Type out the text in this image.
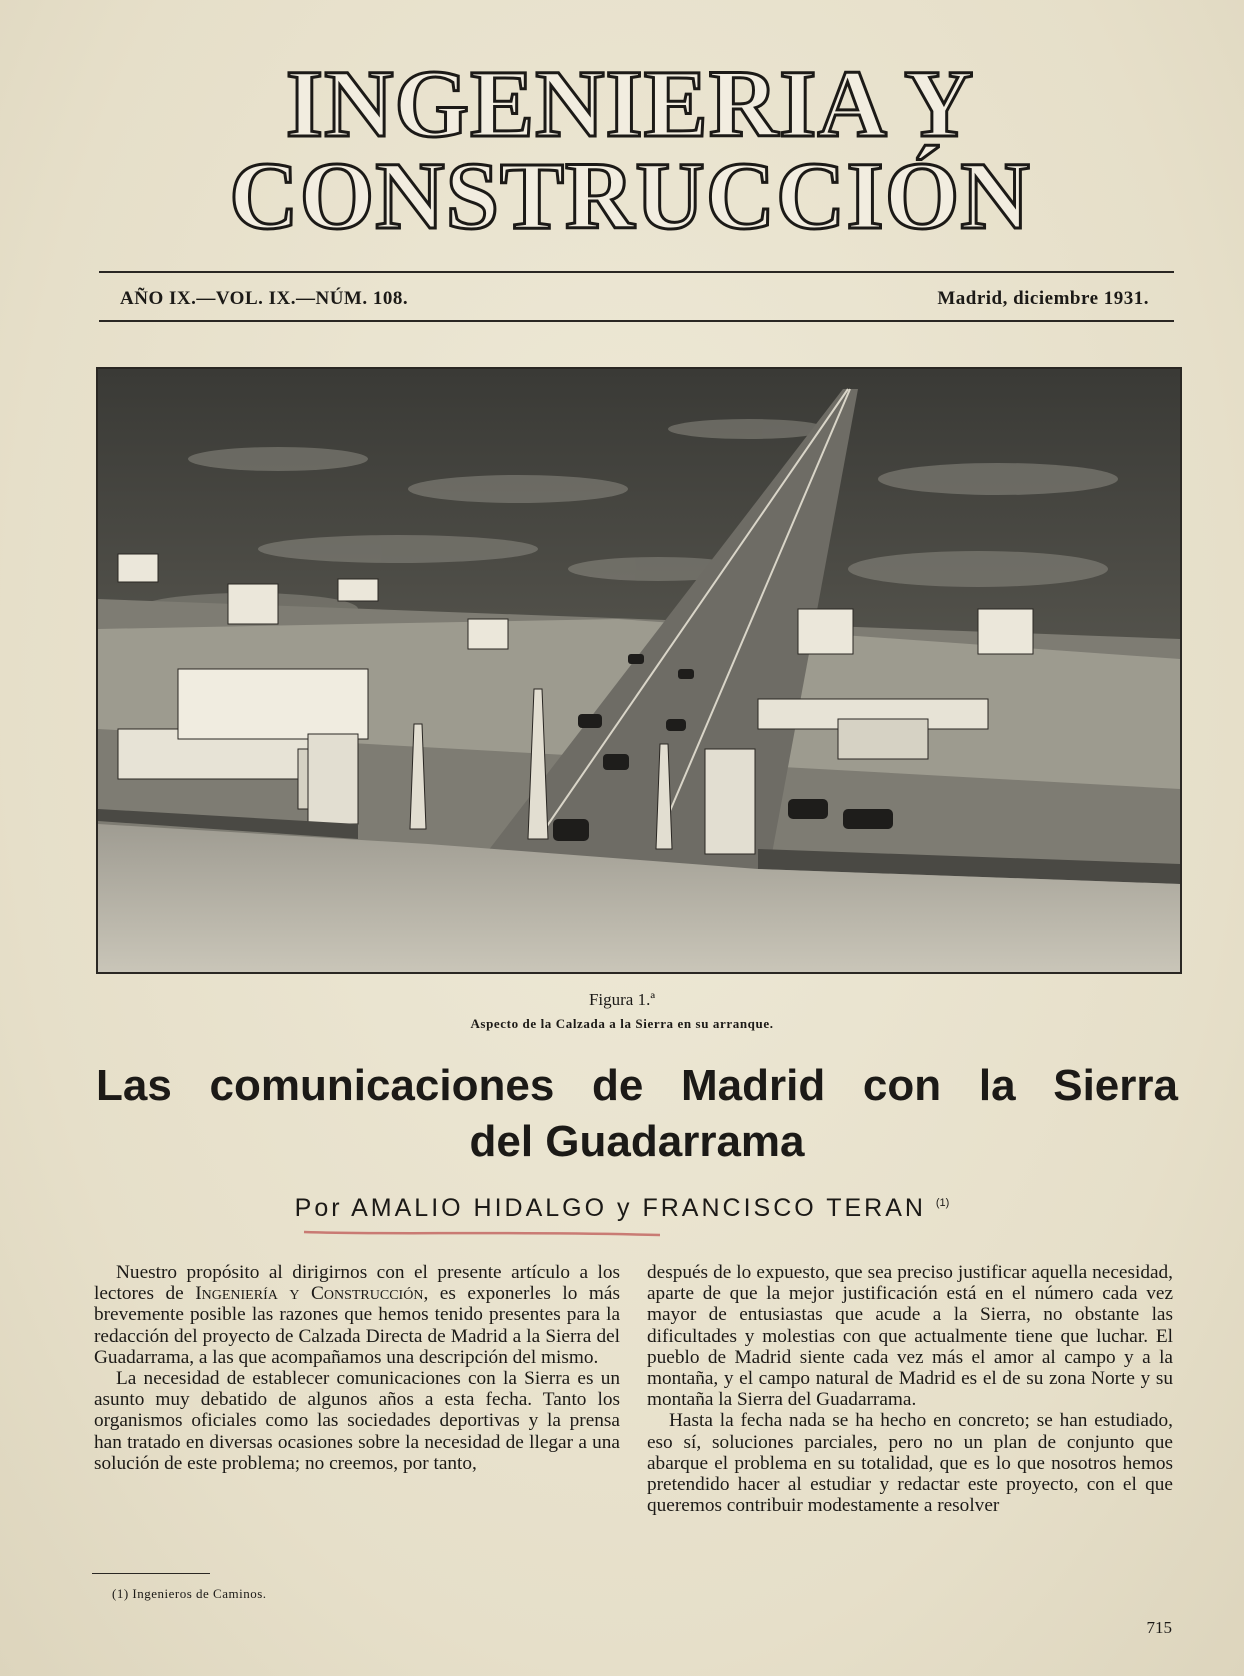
INGENIERIA Y
CONSTRUCCIÓN
AÑO IX.—VOL. IX.—NÚM. 108.	Madrid, diciembre 1931.
Figura 1.ª
Aspecto de la Calzada a la Sierra en su arranque.
Las comunicaciones de Madrid con la Sierra
del Guadarrama
Por AMALIO HIDALGO y FRANCISCO TERAN $^{(1)}$

Nuestro propósito al dirigirnos con el presente artículo a los lectores de Ingeniería y Construcción, es exponerles lo más brevemente posible las razones que hemos tenido presentes para la redacción del proyecto de Calzada Directa de Madrid a la Sierra del Guadarrama, a las que acompañamos una descripción del mismo.

La necesidad de establecer comunicaciones con la Sierra es un asunto muy debatido de algunos años a esta fecha. Tanto los organismos oficiales como las sociedades deportivas y la prensa han tratado en diversas ocasiones sobre la necesidad de llegar a una solución de este problema; no creemos, por tanto,

después de lo expuesto, que sea preciso justificar aquella necesidad, aparte de que la mejor justificación está en el número cada vez mayor de entusiastas que acude a la Sierra, no obstante las dificultades y molestias con que actualmente tiene que luchar. El pueblo de Madrid siente cada vez más el amor al campo y a la montaña, y el campo natural de Madrid es el de su zona Norte y su montaña la Sierra del Guadarrama.

Hasta la fecha nada se ha hecho en concreto; se han estudiado, eso sí, soluciones parciales, pero no un plan de conjunto que abarque el problema en su totalidad, que es lo que nosotros hemos pretendido hacer al estudiar y redactar este proyecto, con el que queremos contribuir modestamente a resolver

(1) Ingenieros de Caminos.
715
